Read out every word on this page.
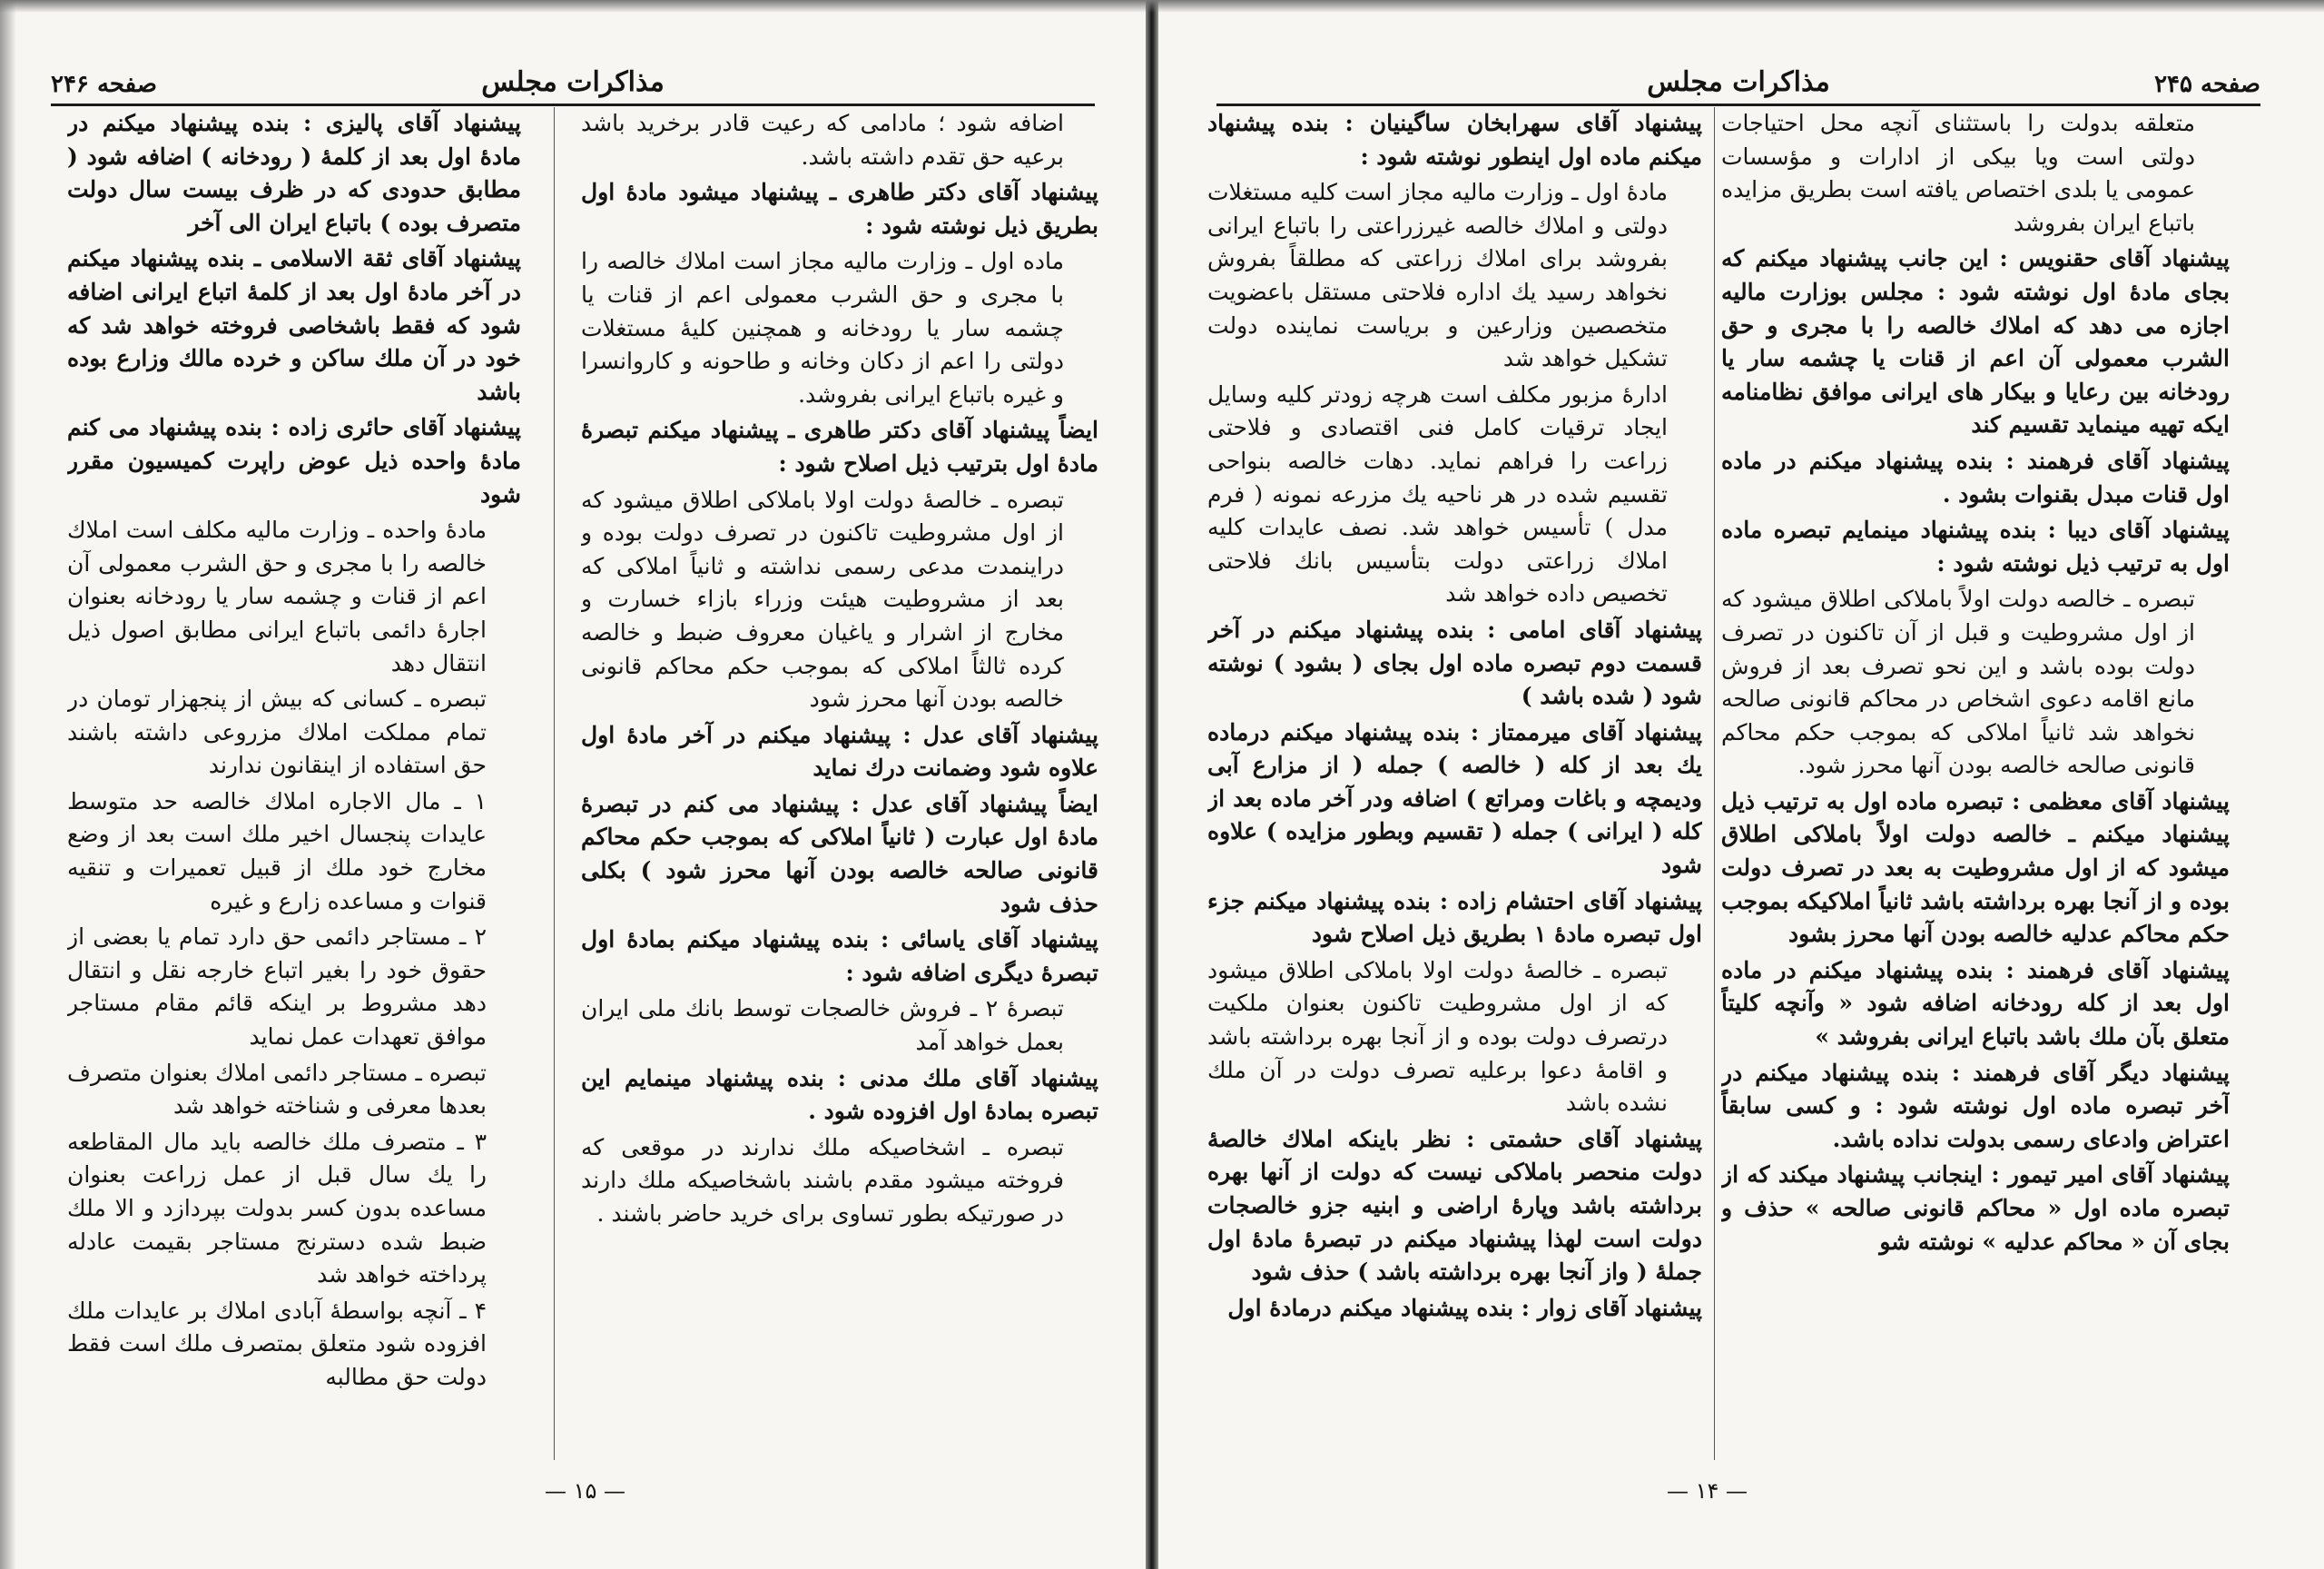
صفحه ۲۴۶	مذاكرات مجلس

اضافه شود ؛ مادامی که رعیت قادر برخرید باشد برعیه حق تقدم داشته باشد.

پیشنهاد آقای دکتر طاهری ـ پیشنهاد میشود مادهٔ اول بطریق ذیل نوشته شود :

ماده اول ـ وزارت مالیه مجاز است املاك خالصه را با مجری و حق الشرب معمولی اعم از قنات یا چشمه سار یا رودخانه و همچنین کلیهٔ مستغلات دولتی را اعم از دکان وخانه و طاحونه و کاروانسرا و غیره باتباع ایرانی بفروشد.

ایضاً پیشنهاد آقای دکتر طاهری ـ پیشنهاد میکنم تبصرهٔ مادهٔ اول بترتیب ذیل اصلاح شود :

تبصره ـ خالصهٔ دولت اولا باملاکی اطلاق میشود که از اول مشروطیت تاکنون در تصرف دولت بوده و دراینمدت مدعی رسمی نداشته و ثانیاً املاکی که بعد از مشروطیت هیئت وزراء بازاء خسارت و مخارج از اشرار و یاغیان معروف ضبط و خالصه کرده ثالثاً املاکی که بموجب حکم محاکم قانونی خالصه بودن آنها محرز شود

پیشنهاد آقای عدل : پیشنهاد میکنم در آخر مادهٔ اول علاوه شود وضمانت درك نماید

ایضاً پیشنهاد آقای عدل : پیشنهاد می کنم در تبصرهٔ مادهٔ اول عبارت ( ثانیاً املاکی که بموجب حکم محاکم قانونی صالحه خالصه بودن آنها محرز شود ) بکلی حذف شود

پیشنهاد آقای یاسائی : بنده پیشنهاد میکنم بمادهٔ اول تبصرهٔ دیگری اضافه شود :

تبصرهٔ ۲ ـ فروش خالصجات توسط بانك ملی ایران بعمل خواهد آمد

پیشنهاد آقای ملك مدنی : بنده پیشنهاد مینمایم این تبصره بمادهٔ اول افزوده شود .

تبصره ـ اشخاصیکه ملك ندارند در موقعی که فروخته میشود مقدم باشند باشخاصیکه ملك دارند در صورتیکه بطور تساوی برای خرید حاضر باشند .

پیشنهاد آقای پالیزی : بنده پیشنهاد میکنم در مادهٔ اول بعد از کلمهٔ ( رودخانه ) اضافه شود ( مطابق حدودی که در ظرف بیست سال دولت متصرف بوده ) باتباع ایران الی آخر

پیشنهاد آقای ثقة الاسلامی ـ بنده پیشنهاد میکنم در آخر مادهٔ اول بعد از کلمهٔ اتباع ایرانی اضافه شود که فقط باشخاصی فروخته خواهد شد که خود در آن ملك ساکن و خرده مالك وزارع بوده باشد

پیشنهاد آقای حائری زاده : بنده پیشنهاد می کنم مادهٔ واحده ذیل عوض راپرت کمیسیون مقرر شود

مادهٔ واحده ـ وزارت مالیه مکلف است املاك خالصه را با مجری و حق الشرب معمولی آن اعم از قنات و چشمه سار یا رودخانه بعنوان اجارهٔ دائمی باتباع ایرانی مطابق اصول ذیل انتقال دهد

تبصره ـ کسانی که بیش از پنجهزار تومان در تمام مملکت املاك مزروعی داشته باشند حق استفاده از اینقانون ندارند

۱ ـ مال الاجاره املاك خالصه حد متوسط عایدات پنجسال اخیر ملك است بعد از وضع مخارج خود ملك از قبیل تعمیرات و تنقیه قنوات و مساعده زارع و غیره

۲ ـ مستاجر دائمی حق دارد تمام یا بعضی از حقوق خود را بغیر اتباع خارجه نقل و انتقال دهد مشروط بر اینکه قائم مقام مستاجر موافق تعهدات عمل نماید

تبصره ـ مستاجر دائمی املاك بعنوان متصرف بعدها معرفی و شناخته خواهد شد

۳ ـ متصرف ملك خالصه باید مال المقاطعه را یك سال قبل از عمل زراعت بعنوان مساعده بدون کسر بدولت بپردازد و الا ملك ضبط شده دسترنج مستاجر بقیمت عادله پرداخته خواهد شد

۴ ـ آنچه بواسطهٔ آبادی املاك بر عایدات ملك افزوده شود متعلق بمتصرف ملك است فقط دولت حق مطالبه

— ۱۵ —
مذاكرات مجلس	صفحه ۲۴۵

متعلقه بدولت را باستثنای آنچه محل احتیاجات دولتی است ویا بیکی از ادارات و مؤسسات عمومی یا بلدی اختصاص یافته است بطریق مزایده باتباع ایران بفروشد

پیشنهاد آقای حقنویس : این جانب پیشنهاد میکنم که بجای مادهٔ اول نوشته شود : مجلس بوزارت مالیه اجازه می دهد که املاك خالصه را با مجری و حق الشرب معمولی آن اعم از قنات یا چشمه سار یا رودخانه بین رعایا و بیکار های ایرانی موافق نظامنامه ایکه تهیه مینماید تقسیم کند

پیشنهاد آقای فرهمند : بنده پیشنهاد میکنم در ماده اول قنات مبدل بقنوات بشود .

پیشنهاد آقای دیبا : بنده پیشنهاد مینمایم تبصره ماده اول به ترتیب ذیل نوشته شود :

تبصره ـ خالصه دولت اولاً باملاکی اطلاق میشود که از اول مشروطیت و قبل از آن تاکنون در تصرف دولت بوده باشد و این نحو تصرف بعد از فروش مانع اقامه دعوی اشخاص در محاکم قانونی صالحه نخواهد شد ثانیاً املاکی که بموجب حکم محاکم قانونی صالحه خالصه بودن آنها محرز شود.

پیشنهاد آقای معظمی : تبصره ماده اول به ترتیب ذیل پیشنهاد میکنم ـ خالصه دولت اولاً باملاکی اطلاق میشود که از اول مشروطیت به بعد در تصرف دولت بوده و از آنجا بهره برداشته باشد ثانیاً املاکیکه بموجب حکم محاکم عدلیه خالصه بودن آنها محرز بشود

پیشنهاد آقای فرهمند : بنده پیشنهاد میکنم در ماده اول بعد از کله رودخانه اضافه شود « وآنچه کلیتاً متعلق بآن ملك باشد باتباع ایرانی بفروشد »

پیشنهاد دیگر آقای فرهمند : بنده پیشنهاد میکنم در آخر تبصره ماده اول نوشته شود : و کسی سابقاً اعتراض وادعای رسمی بدولت نداده باشد.

پیشنهاد آقای امیر تیمور : اینجانب پیشنهاد میکند که از تبصره ماده اول « محاکم قانونی صالحه » حذف و بجای آن « محاکم عدلیه » نوشته شو

پیشنهاد آقای سهرابخان ساگینیان : بنده پیشنهاد میکنم ماده اول اینطور نوشته شود :

مادهٔ اول ـ وزارت مالیه مجاز است کلیه مستغلات دولتی و املاك خالصه غیرزراعتی را باتباع ایرانی بفروشد برای املاك زراعتی که مطلقاً بفروش نخواهد رسید یك اداره فلاحتی مستقل باعضویت متخصصین وزارعین و بریاست نماینده دولت تشکیل خواهد شد

ادارهٔ مزبور مکلف است هرچه زودتر کلیه وسایل ایجاد ترقیات کامل فنی اقتصادی و فلاحتی زراعت را فراهم نماید. دهات خالصه بنواحی تقسیم شده در هر ناحیه یك مزرعه نمونه ( فرم مدل ) تأسیس خواهد شد. نصف عایدات کلیه املاك زراعتی دولت بتأسیس بانك فلاحتی تخصیص داده خواهد شد

پیشنهاد آقای امامی : بنده پیشنهاد میکنم در آخر قسمت دوم تبصره ماده اول بجای ( بشود ) نوشته شود ( شده باشد )

پیشنهاد آقای میرممتاز : بنده پیشنهاد میکنم درماده یك بعد از کله ( خالصه ) جمله ( از مزارع آبی ودیمچه و باغات ومراتع ) اضافه ودر آخر ماده بعد از کله ( ایرانی ) جمله ( تقسیم وبطور مزایده ) علاوه شود

پیشنهاد آقای احتشام زاده : بنده پیشنهاد میکنم جزء اول تبصره مادهٔ ۱ بطریق ذیل اصلاح شود

تبصره ـ خالصهٔ دولت اولا باملاکی اطلاق میشود که از اول مشروطیت تاکنون بعنوان ملکیت درتصرف دولت بوده و از آنجا بهره برداشته باشد و اقامهٔ دعوا برعلیه تصرف دولت در آن ملك نشده باشد

پیشنهاد آقای حشمتی : نظر باینکه املاك خالصهٔ دولت منحصر باملاکی نیست که دولت از آنها بهره برداشته باشد وپارهٔ اراضی و ابنیه جزو خالصجات دولت است لهذا پیشنهاد میکنم در تبصرهٔ مادهٔ اول جملهٔ ( واز آنجا بهره برداشته باشد ) حذف شود

پیشنهاد آقای زوار : بنده پیشنهاد میکنم درمادهٔ اول

— ۱۴ —
